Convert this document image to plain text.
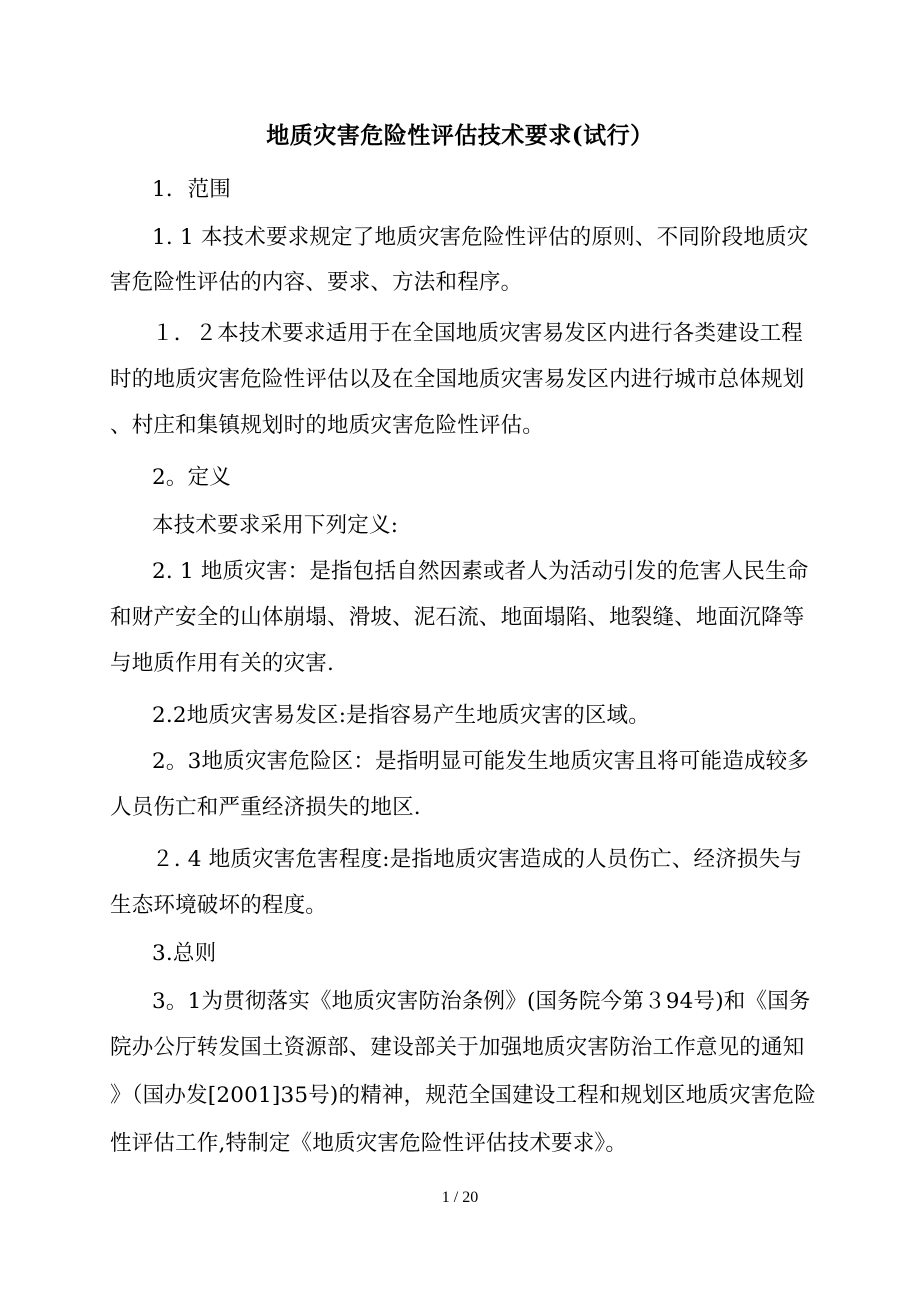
地质灾害危险性评估技术要求(试行）
1．范围
1. 1 本技术要求规定了地质灾害危险性评估的原则、不同阶段地质灾
害危险性评估的内容、要求、方法和程序。
１．２本技术要求适用于在全国地质灾害易发区内进行各类建设工程
时的地质灾害危险性评估以及在全国地质灾害易发区内进行城市总体规划
、村庄和集镇规划时的地质灾害危险性评估。
2。定义
本技术要求采用下列定义:
2. 1 地质灾害：是指包括自然因素或者人为活动引发的危害人民生命
和财产安全的山体崩塌、滑坡、泥石流、地面塌陷、地裂缝、地面沉降等
与地质作用有关的灾害.
2.2地质灾害易发区:是指容易产生地质灾害的区域。
2。3地质灾害危险区：是指明显可能发生地质灾害且将可能造成较多
人员伤亡和严重经济损失的地区.
２. 4 地质灾害危害程度:是指地质灾害造成的人员伤亡、经济损失与
生态环境破坏的程度。
3.总则
3。1为贯彻落实《地质灾害防治条例》(国务院今第３94号)和《国务
院办公厅转发国土资源部、建设部关于加强地质灾害防治工作意见的通知
》（国办发[2001]35号)的精神，规范全国建设工程和规划区地质灾害危险
性评估工作,特制定《地质灾害危险性评估技术要求》。
1 / 20
